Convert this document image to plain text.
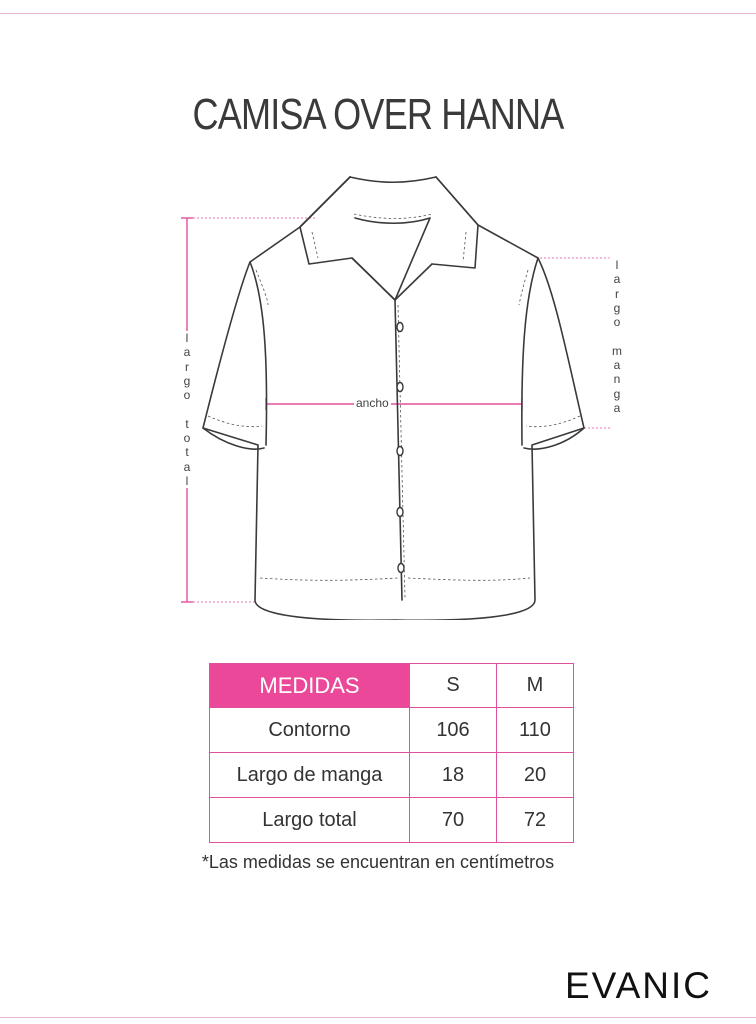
CAMISA OVER HANNA
l
a
r
g
o

t
o
t
a
l
l
a
r
g
o

m
a
n
g
a
ancho
MEDIDAS	S	M
Contorno	106	110
Largo de manga	18	20
Largo total	70	72
*Las medidas se encuentran en centímetros
EVANIC
